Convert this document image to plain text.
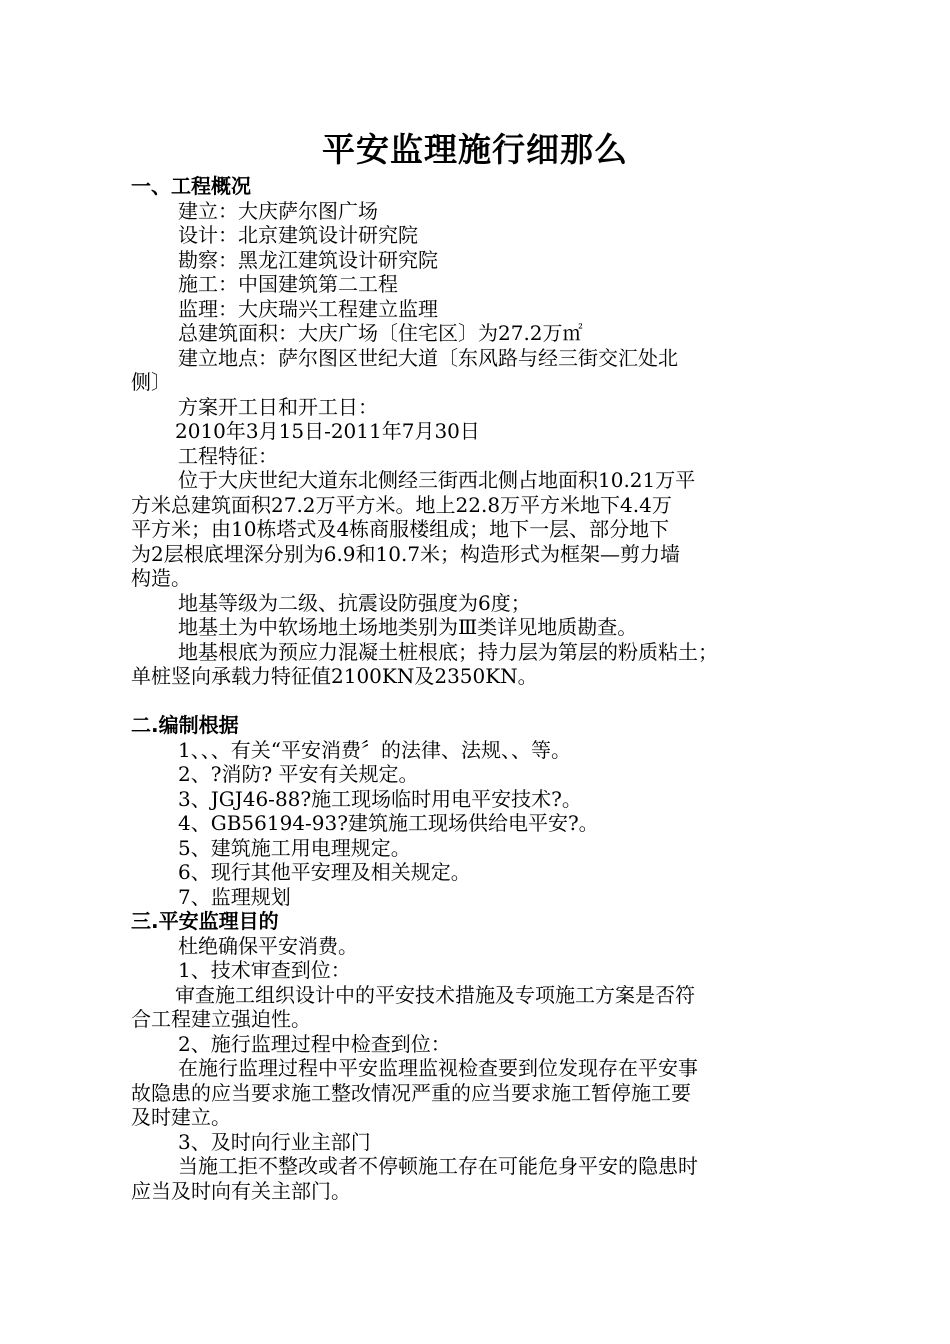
平安监理施行细那么

一、工程概况

建立：大庆萨尔图广场

设计：北京建筑设计研究院

勘察：黑龙江建筑设计研究院

施工：中国建筑第二工程

监理：大庆瑞兴工程建立监理

总建筑面积：大庆广场〔住宅区〕为27.2万㎡

建立地点：萨尔图区世纪大道〔东风路与经三街交汇处北

侧〕

方案开工日和开工日：

2010年3月15日-2011年7月30日

工程特征：

位于大庆世纪大道东北侧经三街西北侧占地面积10.21万平

方米总建筑面积27.2万平方米。地上22.8万平方米地下4.4万

平方米；由10栋塔式及4栋商服楼组成；地下一层、部分地下

为2层根底埋深分别为6.9和10.7米；构造形式为框架—剪力墙

构造。

地基等级为二级、抗震设防强度为6度；

地基土为中软场地土场地类别为Ⅲ类详见地质勘查。

地基根底为预应力混凝土桩根底；持力层为第层的粉质粘土；

单桩竖向承载力特征值2100KN及2350KN。

二.编制根据

1、、、有关“平安消费〞的法律、法规、、等。

2、?消防? 平安有关规定。

3、JGJ46-88?施工现场临时用电平安技术?。

4、GB56194-93?建筑施工现场供给电平安?。

5、建筑施工用电理规定。

6、现行其他平安理及相关规定。

7、监理规划

三.平安监理目的

杜绝确保平安消费。

1、技术审查到位：

审查施工组织设计中的平安技术措施及专项施工方案是否符

合工程建立强迫性。

2、施行监理过程中检查到位：

在施行监理过程中平安监理监视检查要到位发现存在平安事

故隐患的应当要求施工整改情况严重的应当要求施工暂停施工要

及时建立。

3、及时向行业主部门

当施工拒不整改或者不停顿施工存在可能危身平安的隐患时

应当及时向有关主部门。
